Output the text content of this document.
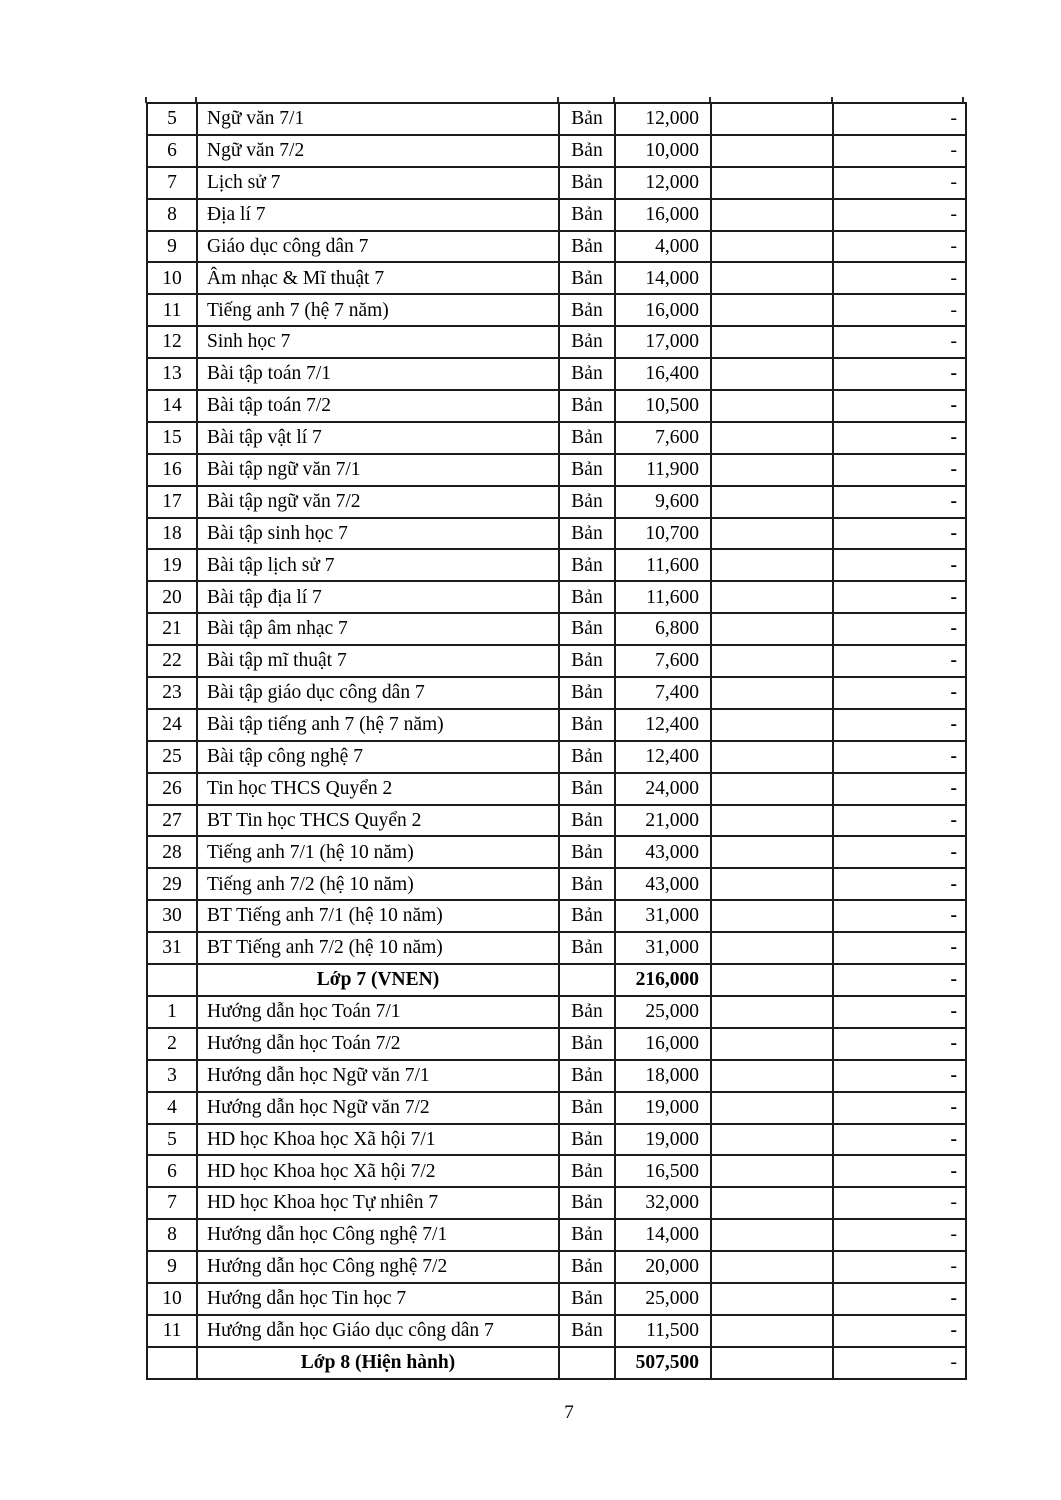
5	Ngữ văn 7/1	Bản	12,000		-
6	Ngữ văn 7/2	Bản	10,000		-
7	Lịch sử 7	Bản	12,000		-
8	Địa lí 7	Bản	16,000		-
9	Giáo dục công dân 7	Bản	4,000		-
10	Âm nhạc & Mĩ thuật 7	Bản	14,000		-
11	Tiếng anh 7 (hệ 7 năm)	Bản	16,000		-
12	Sinh học 7	Bản	17,000		-
13	Bài tập toán 7/1	Bản	16,400		-
14	Bài tập toán 7/2	Bản	10,500		-
15	Bài tập vật lí 7	Bản	7,600		-
16	Bài tập ngữ văn 7/1	Bản	11,900		-
17	Bài tập ngữ văn 7/2	Bản	9,600		-
18	Bài tập sinh học 7	Bản	10,700		-
19	Bài tập lịch sử 7	Bản	11,600		-
20	Bài tập địa lí 7	Bản	11,600		-
21	Bài tập âm nhạc 7	Bản	6,800		-
22	Bài tập mĩ thuật 7	Bản	7,600		-
23	Bài tập giáo dục công dân 7	Bản	7,400		-
24	Bài tập tiếng anh 7 (hệ 7 năm)	Bản	12,400		-
25	Bài tập công nghệ 7	Bản	12,400		-
26	Tin học THCS Quyển 2	Bản	24,000		-
27	BT Tin học THCS Quyển 2	Bản	21,000		-
28	Tiếng anh 7/1 (hệ 10 năm)	Bản	43,000		-
29	Tiếng anh 7/2 (hệ 10 năm)	Bản	43,000		-
30	BT Tiếng anh 7/1 (hệ 10 năm)	Bản	31,000		-
31	BT Tiếng anh 7/2 (hệ 10 năm)	Bản	31,000		-
	Lớp 7 (VNEN)		216,000		-
1	Hướng dẫn học Toán 7/1	Bản	25,000		-
2	Hướng dẫn học Toán 7/2	Bản	16,000		-
3	Hướng dẫn học Ngữ văn 7/1	Bản	18,000		-
4	Hướng dẫn học Ngữ văn 7/2	Bản	19,000		-
5	HD học Khoa học Xã hội 7/1	Bản	19,000		-
6	HD học Khoa học Xã hội 7/2	Bản	16,500		-
7	HD học Khoa học Tự nhiên 7	Bản	32,000		-
8	Hướng dẫn học Công nghệ 7/1	Bản	14,000		-
9	Hướng dẫn học Công nghệ 7/2	Bản	20,000		-
10	Hướng dẫn học Tin học 7	Bản	25,000		-
11	Hướng dẫn học Giáo dục công dân 7	Bản	11,500		-
	Lớp 8 (Hiện hành)		507,500		-
7
